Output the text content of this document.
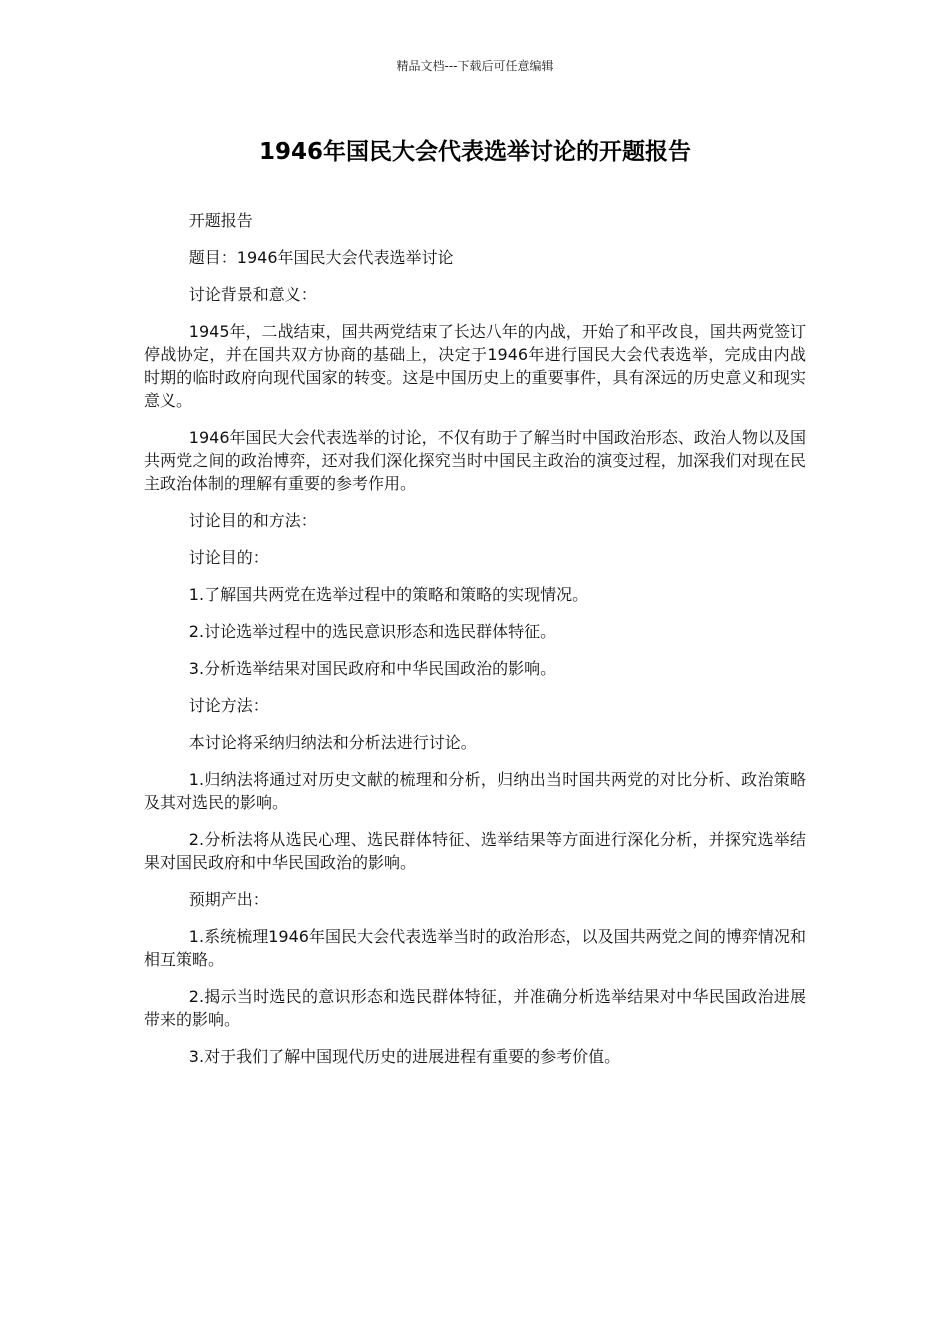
精品文档---下载后可任意编辑
1946年国民大会代表选举讨论的开题报告

开题报告

题目：1946年国民大会代表选举讨论

讨论背景和意义：

1945年，二战结束，国共两党结束了长达八年的内战，开始了和平改良，国共两党签订停战协定，并在国共双方协商的基础上，决定于1946年进行国民大会代表选举，完成由内战时期的临时政府向现代国家的转变。这是中国历史上的重要事件，具有深远的历史意义和现实意义。

1946年国民大会代表选举的讨论，不仅有助于了解当时中国政治形态、政治人物以及国共两党之间的政治博弈，还对我们深化探究当时中国民主政治的演变过程，加深我们对现在民主政治体制的理解有重要的参考作用。

讨论目的和方法：

讨论目的：

1.了解国共两党在选举过程中的策略和策略的实现情况。

2.讨论选举过程中的选民意识形态和选民群体特征。

3.分析选举结果对国民政府和中华民国政治的影响。

讨论方法：

本讨论将采纳归纳法和分析法进行讨论。

1.归纳法将通过对历史文献的梳理和分析，归纳出当时国共两党的对比分析、政治策略及其对选民的影响。

2.分析法将从选民心理、选民群体特征、选举结果等方面进行深化分析，并探究选举结果对国民政府和中华民国政治的影响。

预期产出：

1.系统梳理1946年国民大会代表选举当时的政治形态，以及国共两党之间的博弈情况和相互策略。

2.揭示当时选民的意识形态和选民群体特征，并准确分析选举结果对中华民国政治进展带来的影响。

3.对于我们了解中国现代历史的进展进程有重要的参考价值。
